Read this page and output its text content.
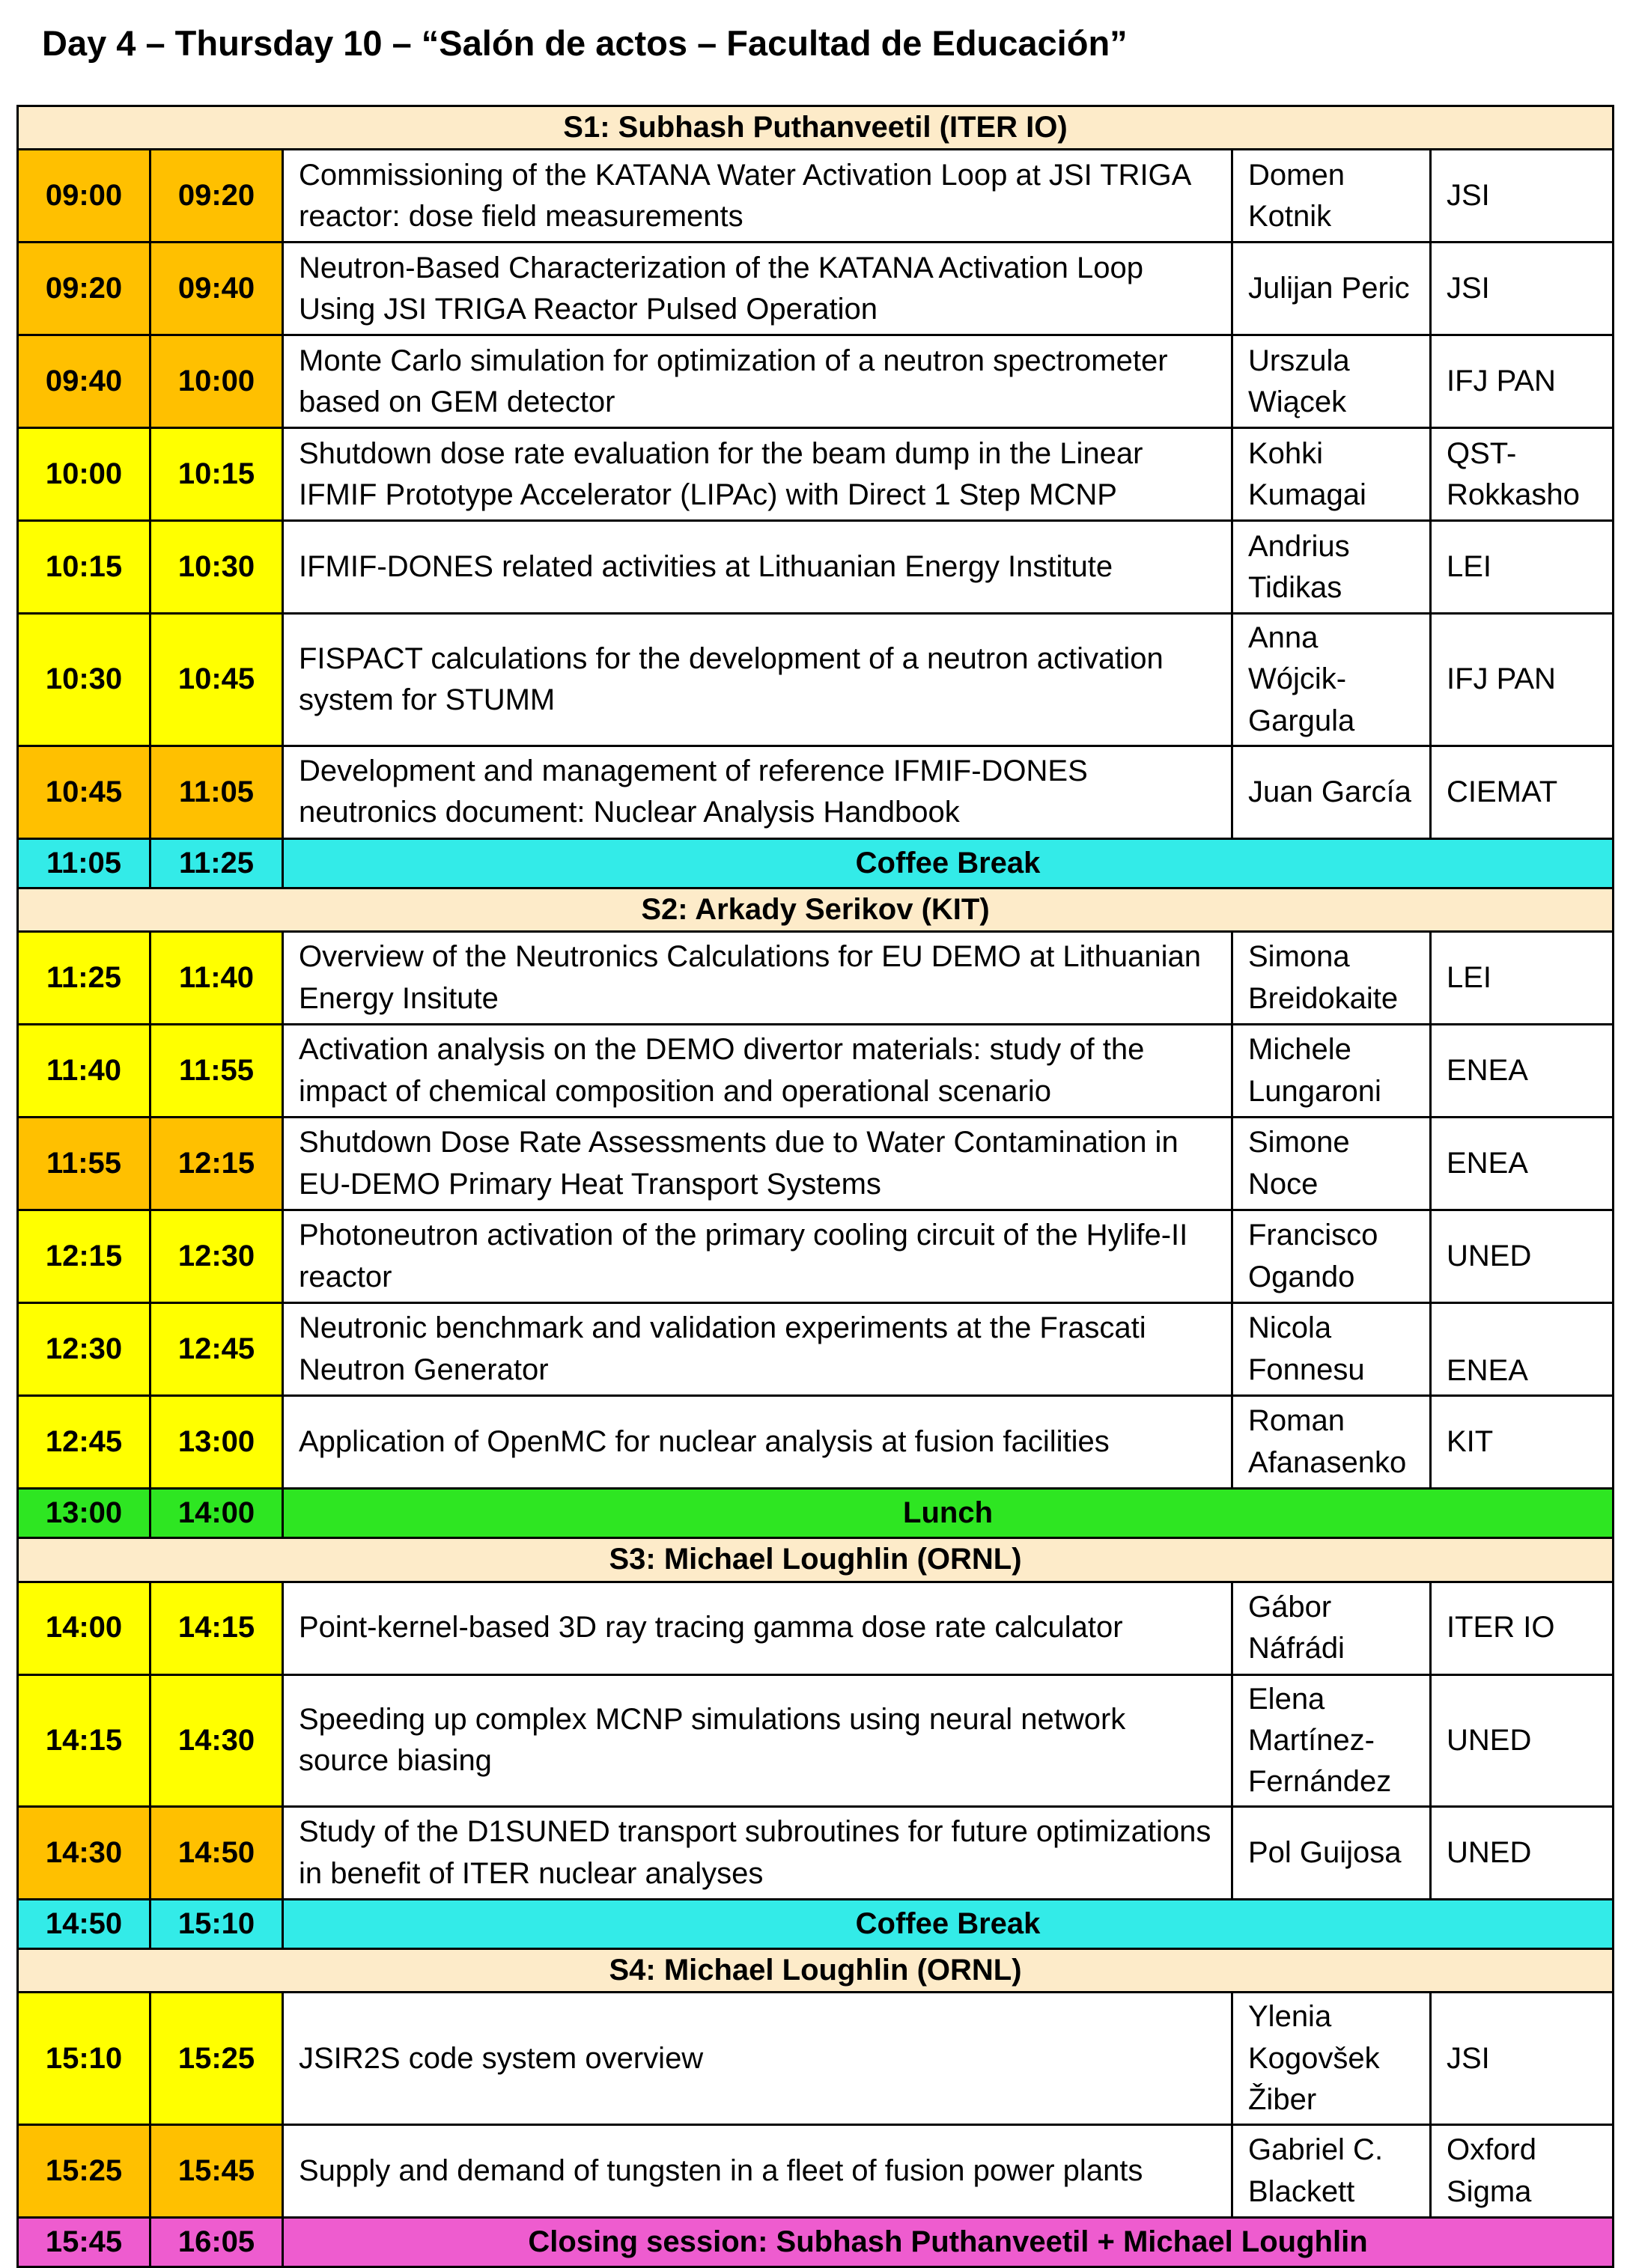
Day 4 – Thursday 10 – “Salón de actos – Facultad de Educación”
S1: Subhash Puthanveetil (ITER IO)				
09:00	09:20	Commissioning of the KATANA Water Activation Loop at JSI TRIGA reactor: dose field measurements	Domen Kotnik	JSI
09:20	09:40	Neutron-Based Characterization of the KATANA Activation Loop Using JSI TRIGA Reactor Pulsed Operation	Julijan Peric	JSI
09:40	10:00	Monte Carlo simulation for optimization of a neutron spectrometer based on GEM detector	Urszula Wiącek	IFJ PAN
10:00	10:15	Shutdown dose rate evaluation for the beam dump in the Linear IFMIF Prototype Accelerator (LIPAc) with Direct 1 Step MCNP	Kohki Kumagai	QST-Rokkasho
10:15	10:30	IFMIF-DONES related activities at Lithuanian Energy Institute	Andrius Tidikas	LEI
10:30	10:45	FISPACT calculations for the development of a neutron activation system for STUMM	Anna Wójcik-Gargula	IFJ PAN
10:45	11:05	Development and management of reference IFMIF-DONES neutronics document: Nuclear Analysis Handbook	Juan García	CIEMAT
11:05	11:25	Coffee Break		
S2: Arkady Serikov (KIT)				
11:25	11:40	Overview of the Neutronics Calculations for EU DEMO at Lithuanian Energy Insitute	Simona Breidokaite	LEI
11:40	11:55	Activation analysis on the DEMO divertor materials: study of the impact of chemical composition and operational scenario	Michele Lungaroni	ENEA
11:55	12:15	Shutdown Dose Rate Assessments due to Water Contamination in EU-DEMO Primary Heat Transport Systems	Simone Noce	ENEA
12:15	12:30	Photoneutron activation of the primary cooling circuit of the Hylife-II reactor	Francisco Ogando	UNED
12:30	12:45	Neutronic benchmark and validation experiments at the Frascati Neutron Generator	Nicola Fonnesu	ENEA
12:45	13:00	Application of OpenMC for nuclear analysis at fusion facilities	Roman Afanasenko	KIT
13:00	14:00	Lunch		
S3: Michael Loughlin (ORNL)				
14:00	14:15	Point-kernel-based 3D ray tracing gamma dose rate calculator	Gábor Náfrádi	ITER IO
14:15	14:30	Speeding up complex MCNP simulations using neural network source biasing	Elena Martínez-Fernández	UNED
14:30	14:50	Study of the D1SUNED transport subroutines for future optimizations in benefit of ITER nuclear analyses	Pol Guijosa	UNED
14:50	15:10	Coffee Break		
S4: Michael Loughlin (ORNL)				
15:10	15:25	JSIR2S code system overview	Ylenia Kogovšek Žiber	JSI
15:25	15:45	Supply and demand of tungsten in a fleet of fusion power plants	Gabriel C. Blackett	Oxford Sigma
15:45	16:05	Closing session: Subhash Puthanveetil + Michael Loughlin		
